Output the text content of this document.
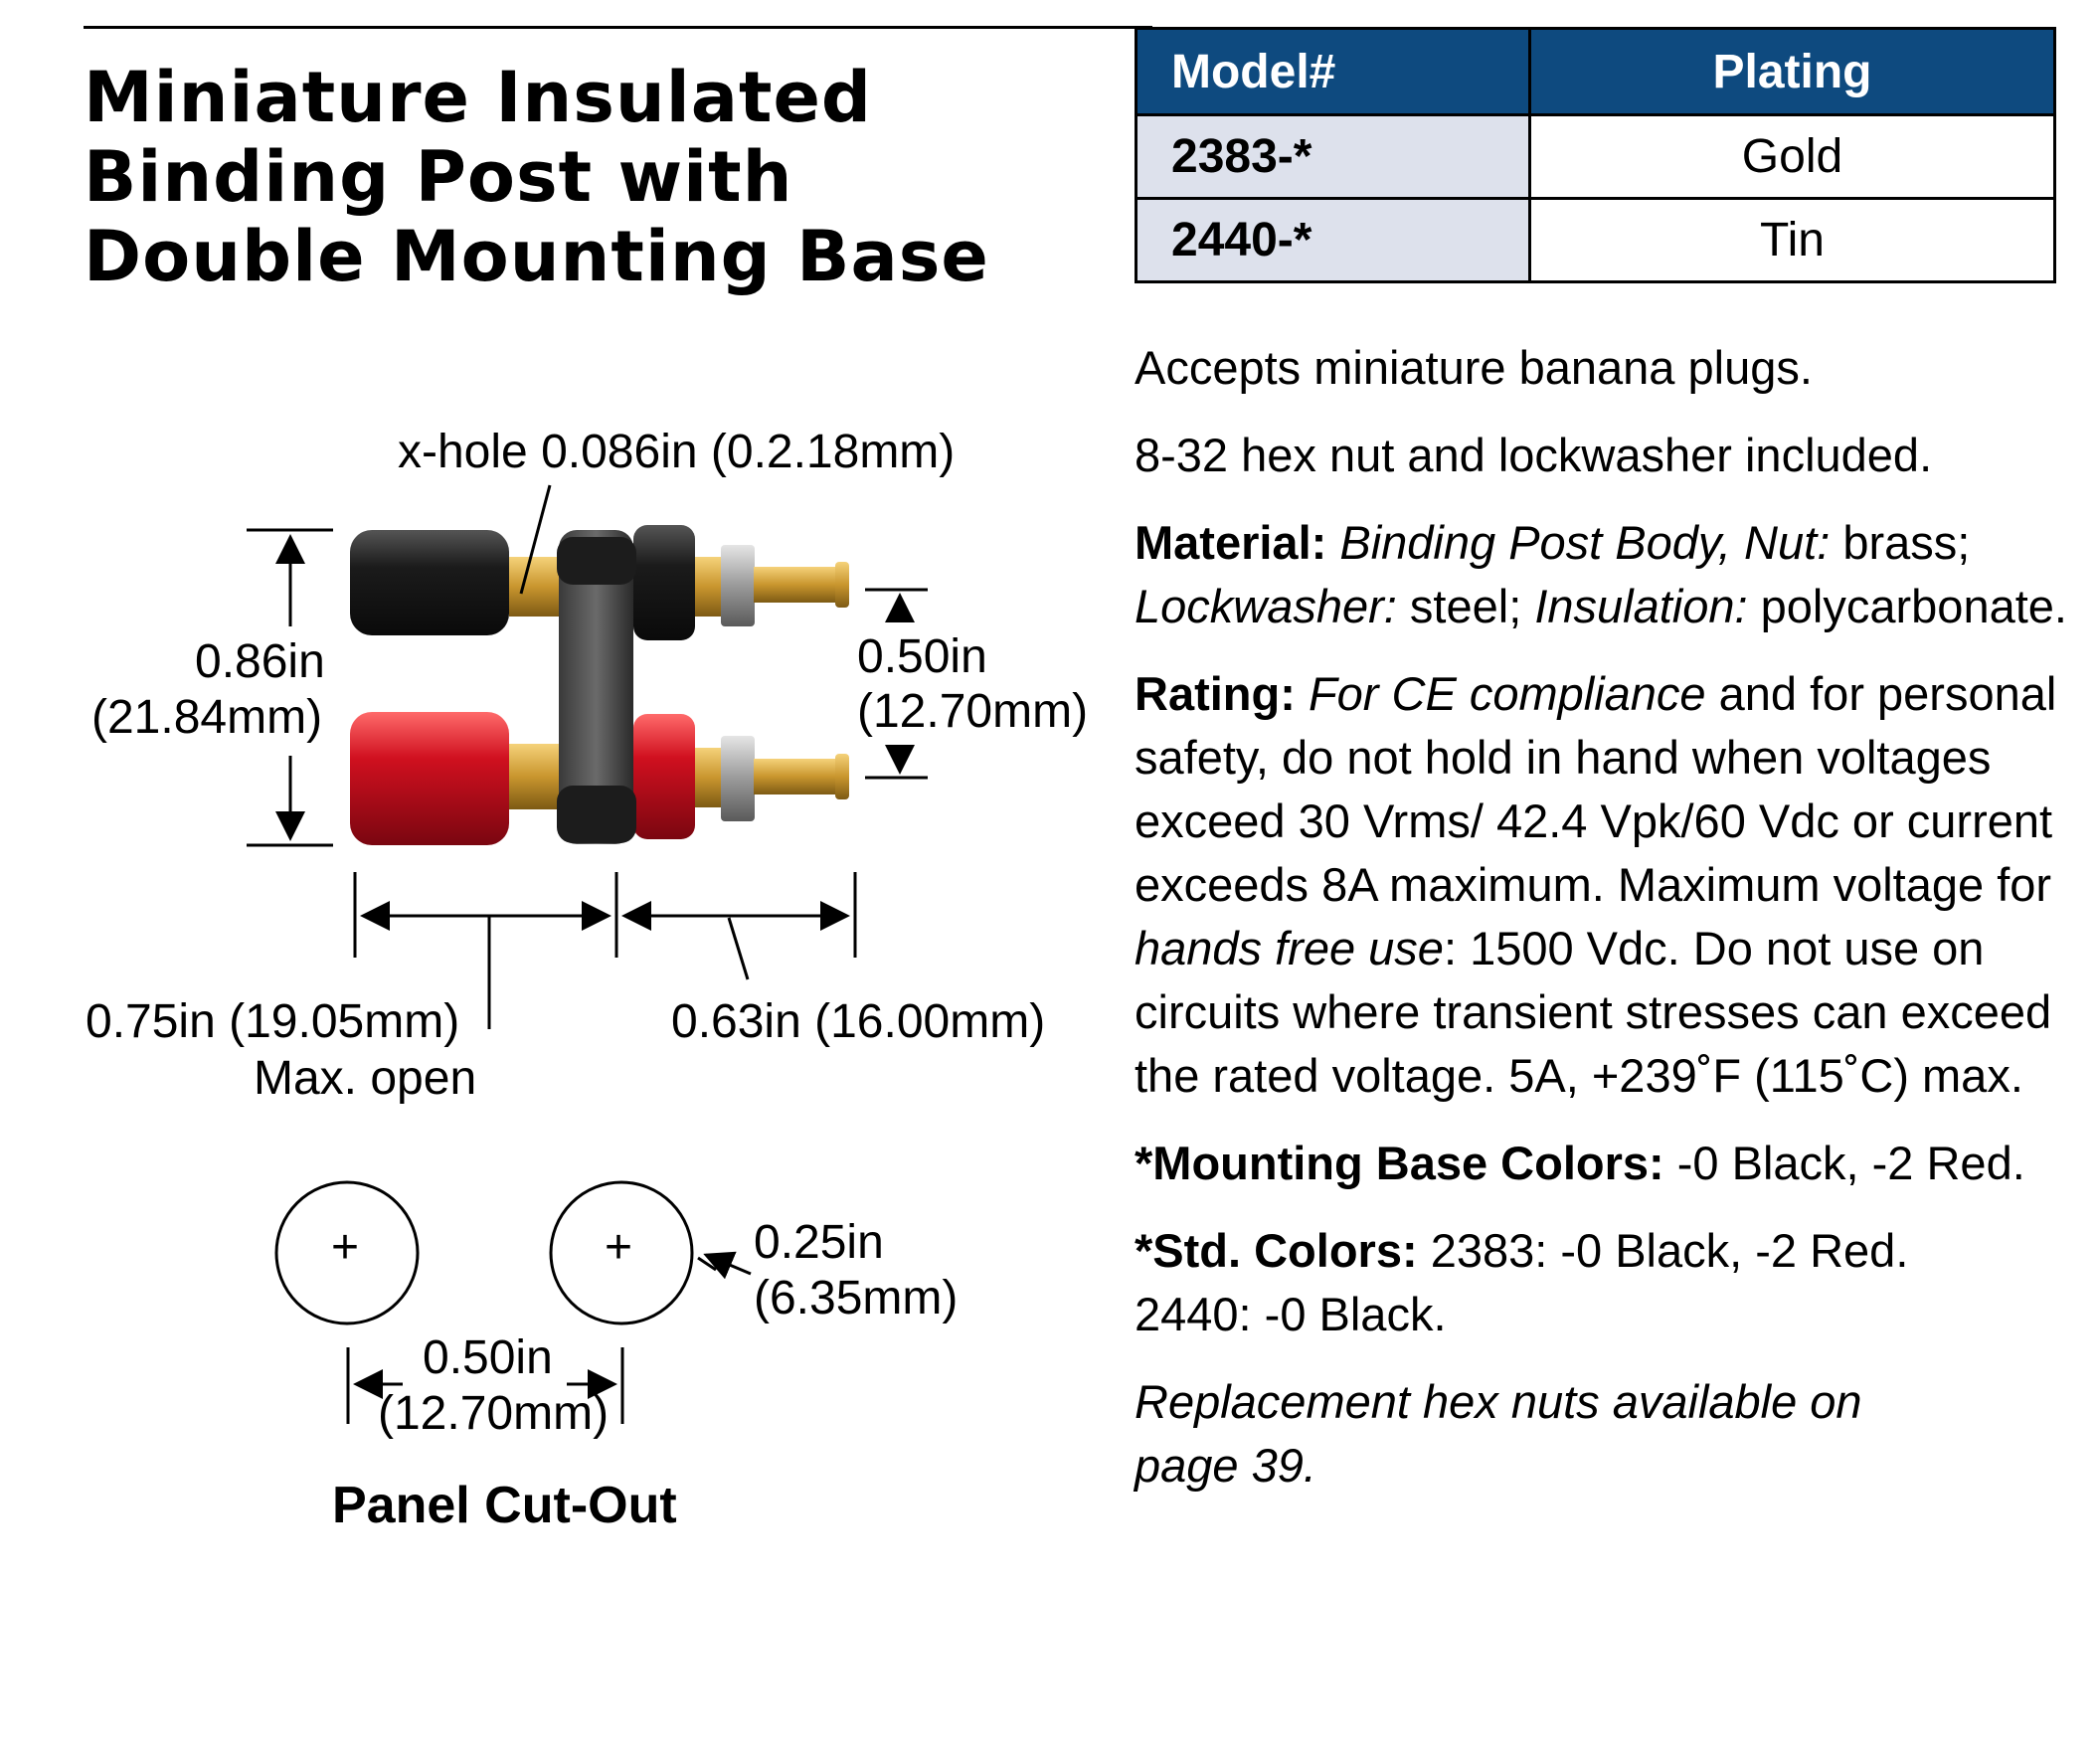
Miniature Insulated
Binding Post with
Double Mounting Base
Model#	Plating
2383-*	Gold
2440-*	Tin

Accepts miniature banana plugs.

8-32 hex nut and lockwasher included.

Material: Binding Post Body, Nut: brass; Lockwasher: steel; Insulation: polycarbonate.

Rating: For CE compliance and for personal safety, do not hold in hand when voltages exceed 30 Vrms/ 42.4 Vpk/60 Vdc or current exceeds 8A maximum. Maximum voltage for hands free use: 1500 Vdc. Do not use on circuits where transient stresses can exceed the rated voltage. 5A, +239˚F (115˚C) max.

*Mounting Base Colors: -0 Black, -2 Red.

*Std. Colors: 2383: -0 Black, -2 Red.
2440: -0 Black.

Replacement hex nuts available on page 39.

x-hole 0.086in (0.2.18mm)
0.86in
(21.84mm)
0.50in
(12.70mm)
0.75in (19.05mm)
Max. open
0.63in (16.00mm)
+	+	0.25in
(6.35mm)
0.50in
(12.70mm)
Panel Cut-Out
